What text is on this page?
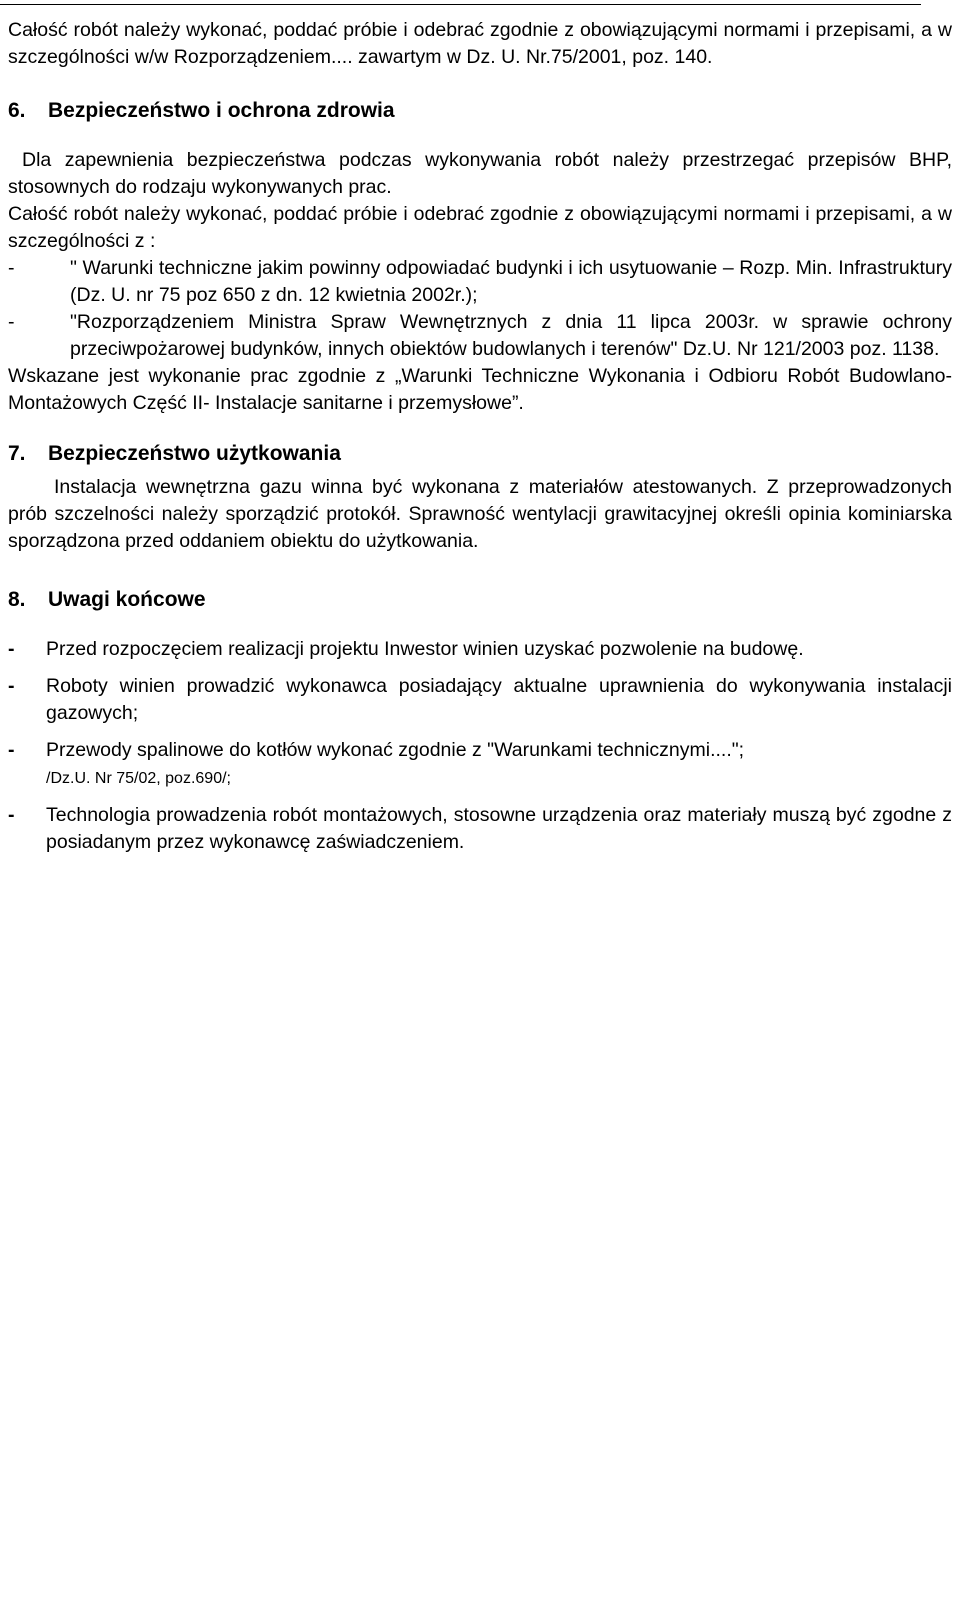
Całość robót należy wykonać, poddać próbie i odebrać zgodnie z obowiązującymi normami i przepisami, a w szczególności w/w Rozporządzeniem.... zawartym w Dz. U. Nr.75/2001, poz. 140.

6. Bezpieczeństwo i ochrona zdrowia

Dla zapewnienia bezpieczeństwa podczas wykonywania robót należy przestrzegać przepisów BHP, stosownych do rodzaju wykonywanych prac.

Całość robót należy wykonać, poddać próbie i odebrać zgodnie z obowiązującymi normami i przepisami, a w szczególności z :

-	" Warunki techniczne jakim powinny odpowiadać budynki i ich usytuowanie – Rozp. Min. Infrastruktury (Dz. U. nr 75 poz 650 z dn. 12 kwietnia 2002r.);

-	"Rozporządzeniem Ministra Spraw Wewnętrznych z dnia 11 lipca 2003r. w sprawie ochrony przeciwpożarowej budynków, innych obiektów budowlanych i terenów" Dz.U. Nr 121/2003 poz. 1138.

Wskazane jest wykonanie prac zgodnie z „Warunki Techniczne Wykonania i Odbioru Robót Budowlano-Montażowych Część II- Instalacje sanitarne i przemysłowe”.

7. Bezpieczeństwo użytkowania

Instalacja wewnętrzna gazu winna być wykonana z materiałów atestowanych. Z przeprowadzonych prób szczelności należy sporządzić protokół. Sprawność wentylacji grawitacyjnej określi opinia kominiarska sporządzona przed oddaniem obiektu do użytkowania.

8. Uwagi końcowe

- Przed rozpoczęciem realizacji projektu Inwestor winien uzyskać pozwolenie na budowę.

- Roboty winien prowadzić wykonawca posiadający aktualne uprawnienia do wykonywania instalacji gazowych;

- Przewody spalinowe do kotłów wykonać zgodnie z "Warunkami technicznymi....";
/Dz.U. Nr 75/02, poz.690/;

- Technologia prowadzenia robót montażowych, stosowne urządzenia oraz materiały muszą być zgodne z posiadanym przez wykonawcę zaświadczeniem.
